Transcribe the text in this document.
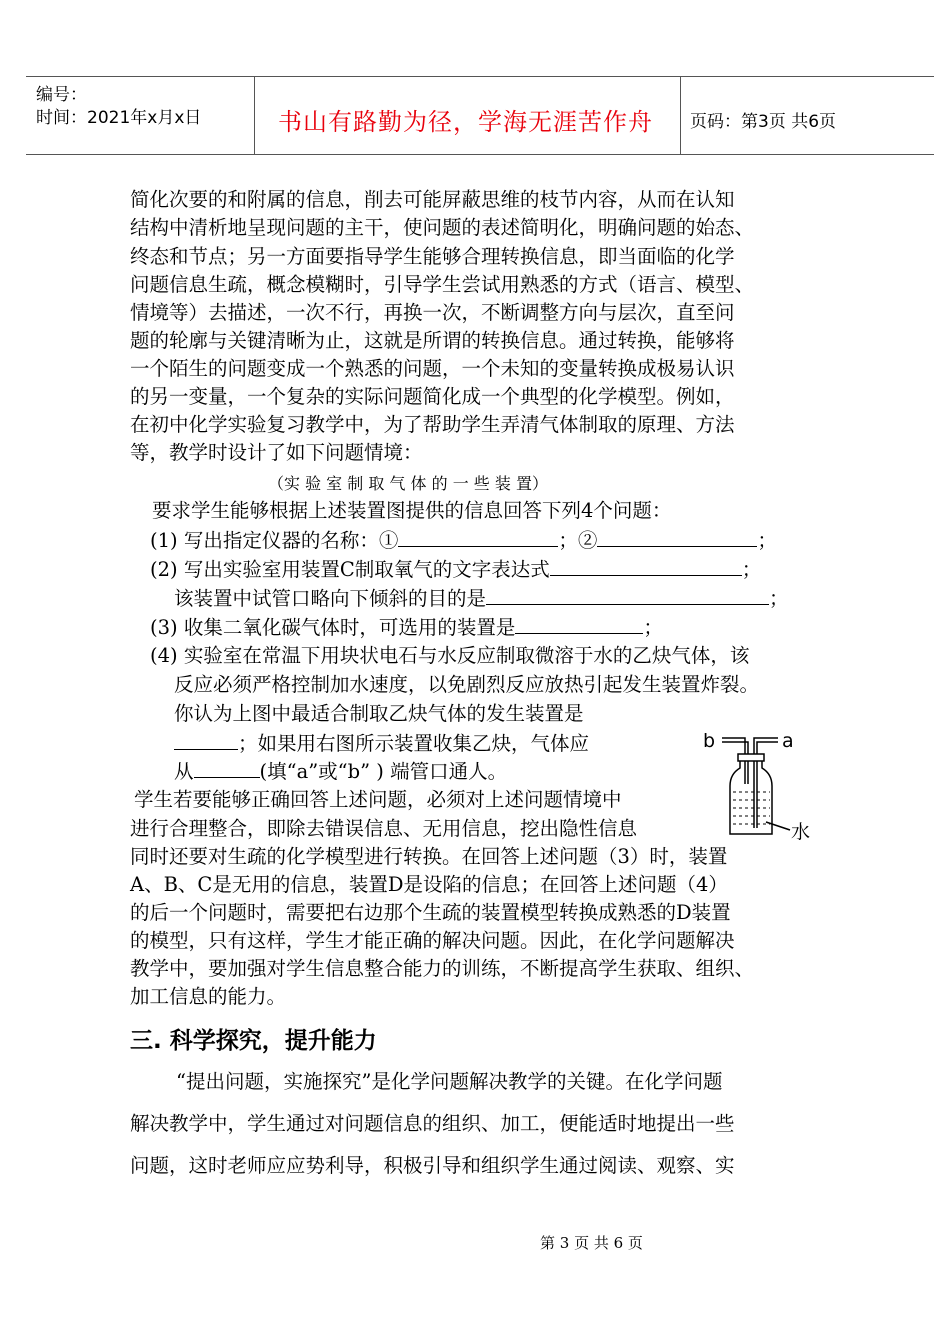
编号：
时间：2021年x月x日	书山有路勤为径，学海无涯苦作舟 页码：第3页 共6页
简化次要的和附属的信息，削去可能屏蔽思维的枝节内容，从而在认知
结构中清析地呈现问题的主干，使问题的表述简明化，明确问题的始态、
终态和节点；另一方面要指导学生能够合理转换信息，即当面临的化学
问题信息生疏，概念模糊时，引导学生尝试用熟悉的方式（语言、模型、
情境等）去描述，一次不行，再换一次，不断调整方向与层次，直至问
题的轮廓与关键清晰为止，这就是所谓的转换信息。通过转换，能够将
一个陌生的问题变成一个熟悉的问题，一个未知的变量转换成极易认识
的另一变量，一个复杂的实际问题简化成一个典型的化学模型。例如，
在初中化学实验复习教学中，为了帮助学生弄清气体制取的原理、方法
等，教学时设计了如下问题情境：
（实 验 室 制 取 气 体 的 一 些 装 置）
要求学生能够根据上述装置图提供的信息回答下列4个问题：
(1) 写出指定仪器的名称：①	；②	；
(2) 写出实验室用装置C制取氧气的文字表达式	；
该装置中试管口略向下倾斜的目的是	；
(3) 收集二氧化碳气体时，可选用的装置是	；
(4) 实验室在常温下用块状电石与水反应制取微溶于水的乙炔气体，该
反应必须严格控制加水速度，以免剧烈反应放热引起发生装置炸裂。
你认为上图中最适合制取乙炔气体的发生装置是
；如果用右图所示装置收集乙炔，气体应
从	(填“a”或“b” ) 端管口通人。
b	a
水
学生若要能够正确回答上述问题，必须对上述问题情境中
进行合理整合，即除去错误信息、无用信息，挖出隐性信息
同时还要对生疏的化学模型进行转换。在回答上述问题（3）时，装置
A、B、C是无用的信息，装置D是设陷的信息；在回答上述问题（4）
的后一个问题时，需要把右边那个生疏的装置模型转换成熟悉的D装置
的模型，只有这样，学生才能正确的解决问题。因此，在化学问题解决
教学中，要加强对学生信息整合能力的训练，不断提高学生获取、组织、
加工信息的能力。
三. 科学探究，提升能力
“提出问题，实施探究”是化学问题解决教学的关键。在化学问题
解决教学中，学生通过对问题信息的组织、加工，便能适时地提出一些
问题，这时老师应应势利导，积极引导和组织学生通过阅读、观察、实
第 3 页 共 6 页
